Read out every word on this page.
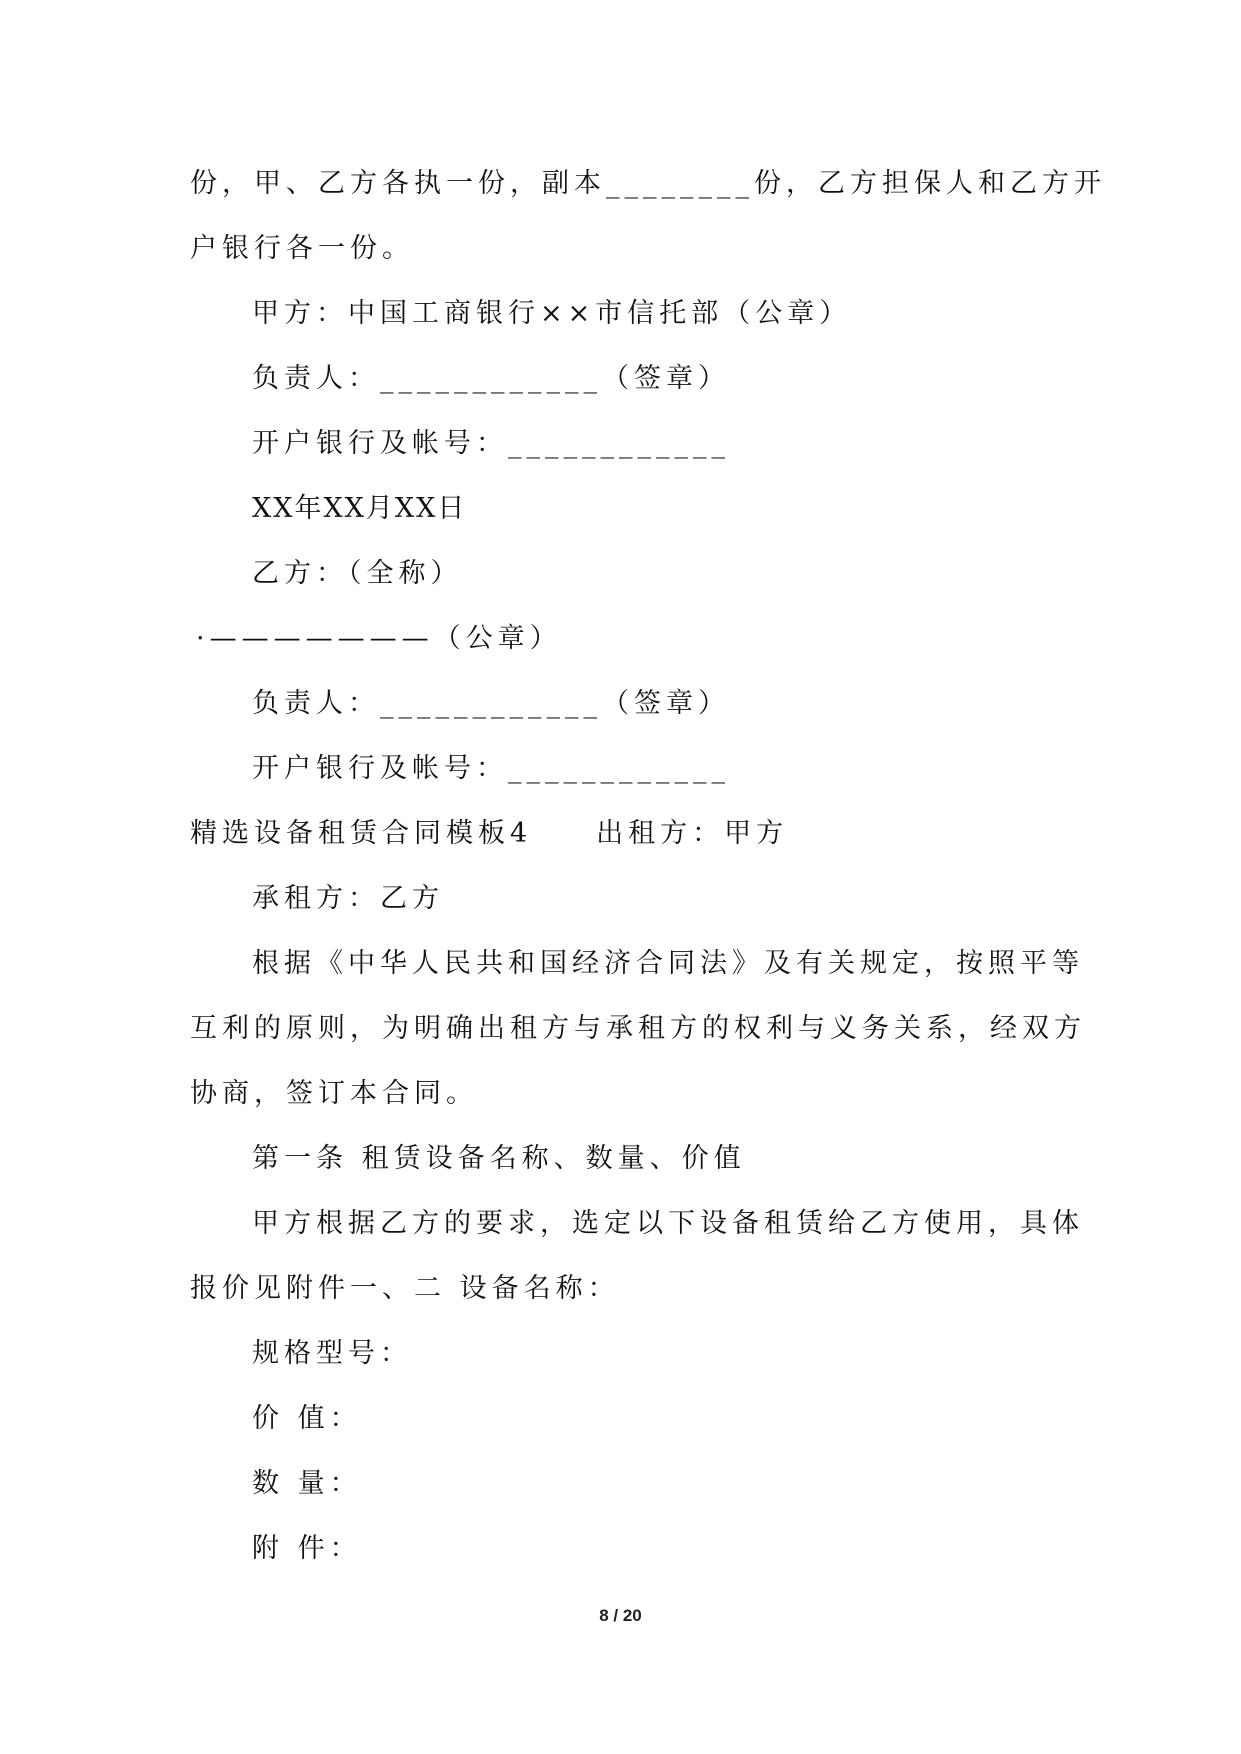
份，甲、乙方各执一份，副本________份，乙方担保人和乙方开

户银行各一份。

甲方：中国工商银行××市信托部（公章）

负责人：____________（签章）

开户银行及帐号：____________

XX年XX月XX日

乙方：（全称）

·———————（公章）

负责人：____________（签章）

开户银行及帐号：____________

精选设备租赁合同模板4　　出租方：甲方

承租方：乙方

根据《中华人民共和国经济合同法》及有关规定，按照平等

互利的原则，为明确出租方与承租方的权利与义务关系，经双方

协商，签订本合同。

第一条 租赁设备名称、数量、价值

甲方根据乙方的要求，选定以下设备租赁给乙方使用，具体

报价见附件一、二 设备名称：

规格型号：

价 值：

数 量：

附 件：

8 / 20
